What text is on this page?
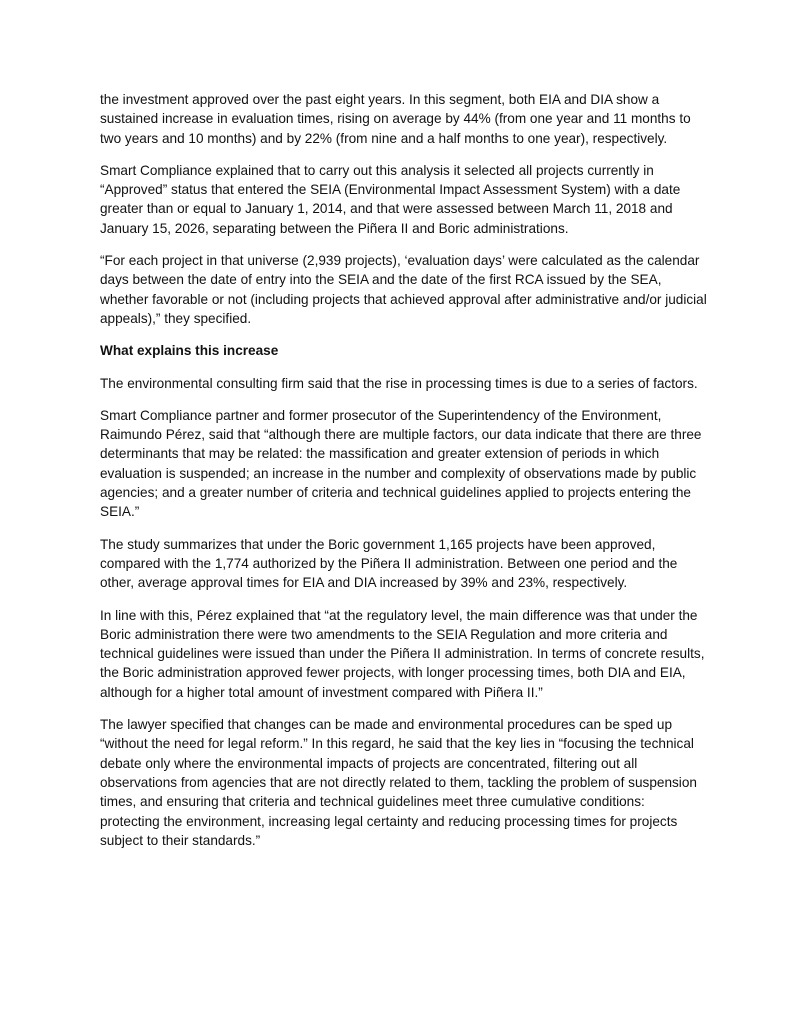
the investment approved over the past eight years. In this segment, both EIA and DIA show a sustained increase in evaluation times, rising on average by 44% (from one year and 11 months to two years and 10 months) and by 22% (from nine and a half months to one year), respectively.

Smart Compliance explained that to carry out this analysis it selected all projects currently in “Approved” status that entered the SEIA (Environmental Impact Assessment System) with a date greater than or equal to January 1, 2014, and that were assessed between March 11, 2018 and January 15, 2026, separating between the Piñera II and Boric administrations.

“For each project in that universe (2,939 projects), ‘evaluation days’ were calculated as the calendar days between the date of entry into the SEIA and the date of the first RCA issued by the SEA, whether favorable or not (including projects that achieved approval after administrative and/or judicial appeals),” they specified.

What explains this increase

The environmental consulting firm said that the rise in processing times is due to a series of factors.

Smart Compliance partner and former prosecutor of the Superintendency of the Environment, Raimundo Pérez, said that “although there are multiple factors, our data indicate that there are three determinants that may be related: the massification and greater extension of periods in which evaluation is suspended; an increase in the number and complexity of observations made by public agencies; and a greater number of criteria and technical guidelines applied to projects entering the SEIA.”

The study summarizes that under the Boric government 1,165 projects have been approved, compared with the 1,774 authorized by the Piñera II administration. Between one period and the other, average approval times for EIA and DIA increased by 39% and 23%, respectively.

In line with this, Pérez explained that “at the regulatory level, the main difference was that under the Boric administration there were two amendments to the SEIA Regulation and more criteria and technical guidelines were issued than under the Piñera II administration. In terms of concrete results, the Boric administration approved fewer projects, with longer processing times, both DIA and EIA, although for a higher total amount of investment compared with Piñera II.”

The lawyer specified that changes can be made and environmental procedures can be sped up “without the need for legal reform.” In this regard, he said that the key lies in “focusing the technical debate only where the environmental impacts of projects are concentrated, filtering out all observations from agencies that are not directly related to them, tackling the problem of suspension times, and ensuring that criteria and technical guidelines meet three cumulative conditions: protecting the environment, increasing legal certainty and reducing processing times for projects subject to their standards.”
